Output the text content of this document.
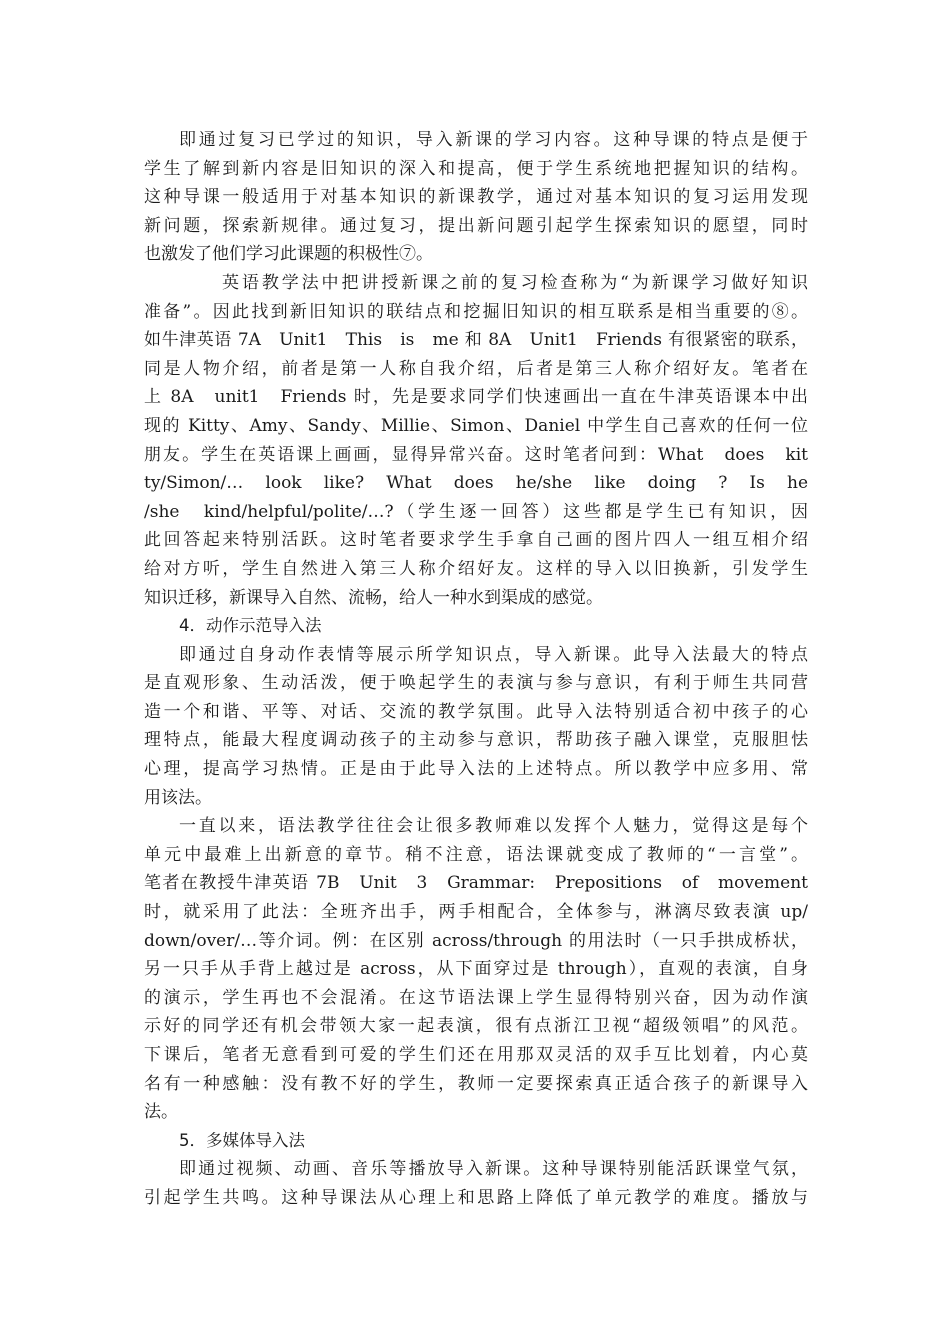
即通过复习已学过的知识，导入新课的学习内容。这种导课的特点是便于
学生了解到新内容是旧知识的深入和提高，便于学生系统地把握知识的结构。
这种导课一般适用于对基本知识的新课教学，通过对基本知识的复习运用发现
新问题，探索新规律。通过复习，提出新问题引起学生探索知识的愿望，同时
也激发了他们学习此课题的积极性⑦。
英语教学法中把讲授新课之前的复习检查称为“为新课学习做好知识
准备”。因此找到新旧知识的联结点和挖掘旧知识的相互联系是相当重要的⑧。
如牛津英语 7A　Unit1　This　is　me 和 8A　Unit1　Friends 有很紧密的联系，
同是人物介绍，前者是第一人称自我介绍，后者是第三人称介绍好友。笔者在
上 8A　unit1　Friends 时，先是要求同学们快速画出一直在牛津英语课本中出
现的 Kitty、Amy、Sandy、Millie、Simon、Daniel 中学生自己喜欢的任何一位
朋友。学生在英语课上画画，显得异常兴奋。这时笔者问到：What　does　kit
ty/Simon/…　look　like?　What　does　he/she　like　doing　?　Is　he
/she　kind/helpful/polite/…?（学生逐一回答）这些都是学生已有知识，因
此回答起来特别活跃。这时笔者要求学生手拿自己画的图片四人一组互相介绍
给对方听，学生自然进入第三人称介绍好友。这样的导入以旧换新，引发学生
知识迁移，新课导入自然、流畅，给人一种水到渠成的感觉。
4．动作示范导入法
即通过自身动作表情等展示所学知识点，导入新课。此导入法最大的特点
是直观形象、生动活泼，便于唤起学生的表演与参与意识，有利于师生共同营
造一个和谐、平等、对话、交流的教学氛围。此导入法特别适合初中孩子的心
理特点，能最大程度调动孩子的主动参与意识，帮助孩子融入课堂，克服胆怯
心理，提高学习热情。正是由于此导入法的上述特点。所以教学中应多用、常
用该法。
一直以来，语法教学往往会让很多教师难以发挥个人魅力，觉得这是每个
单元中最难上出新意的章节。稍不注意，语法课就变成了教师的“一言堂”。
笔者在教授牛津英语 7B　Unit　3　Grammar:　Prepositions　of　movement
时，就采用了此法：全班齐出手，两手相配合，全体参与，淋漓尽致表演 up/
down/over/…等介词。例：在区别 across/through 的用法时（一只手拱成桥状，
另一只手从手背上越过是 across，从下面穿过是 through），直观的表演，自身
的演示，学生再也不会混淆。在这节语法课上学生显得特别兴奋，因为动作演
示好的同学还有机会带领大家一起表演，很有点浙江卫视“超级领唱”的风范。
下课后，笔者无意看到可爱的学生们还在用那双灵活的双手互比划着，内心莫
名有一种感触：没有教不好的学生，教师一定要探索真正适合孩子的新课导入
法。
5．多媒体导入法
即通过视频、动画、音乐等播放导入新课。这种导课特别能活跃课堂气氛，
引起学生共鸣。这种导课法从心理上和思路上降低了单元教学的难度。播放与
